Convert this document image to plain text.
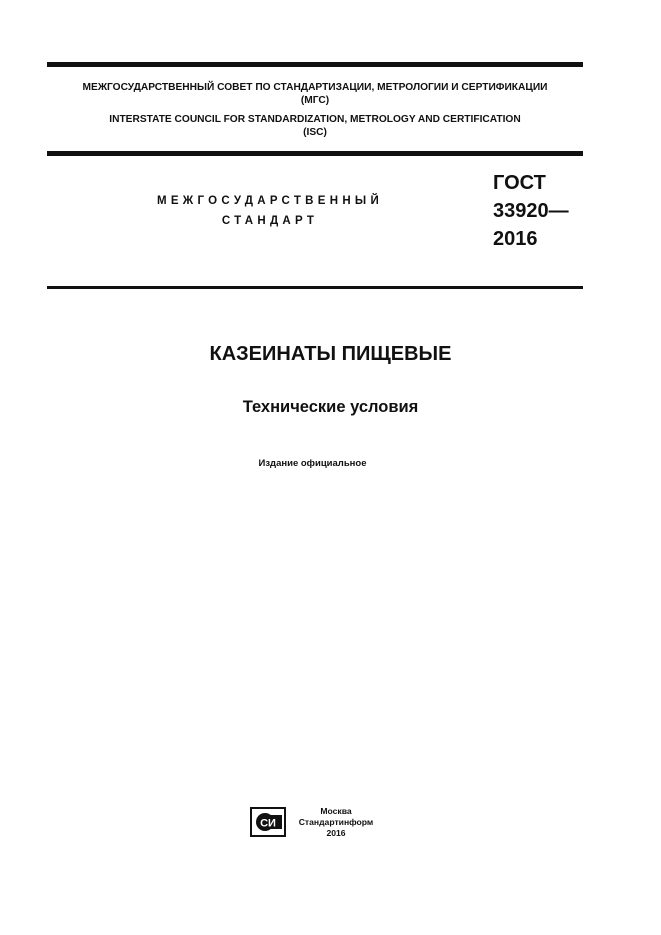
МЕЖГОСУДАРСТВЕННЫЙ СОВЕТ ПО СТАНДАРТИЗАЦИИ, МЕТРОЛОГИИ И СЕРТИФИКАЦИИ
(МГС)
INTERSTATE COUNCIL FOR STANDARDIZATION, METROLOGY AND CERTIFICATION
(ISC)
МЕЖГОСУДАРСТВЕННЫЙ
СТАНДАРТ
ГОСТ
33920—
2016
КАЗЕИНАТЫ ПИЩЕВЫЕ
Технические условия
Издание официальное
СИ
Москва
Стандартинформ
2016
